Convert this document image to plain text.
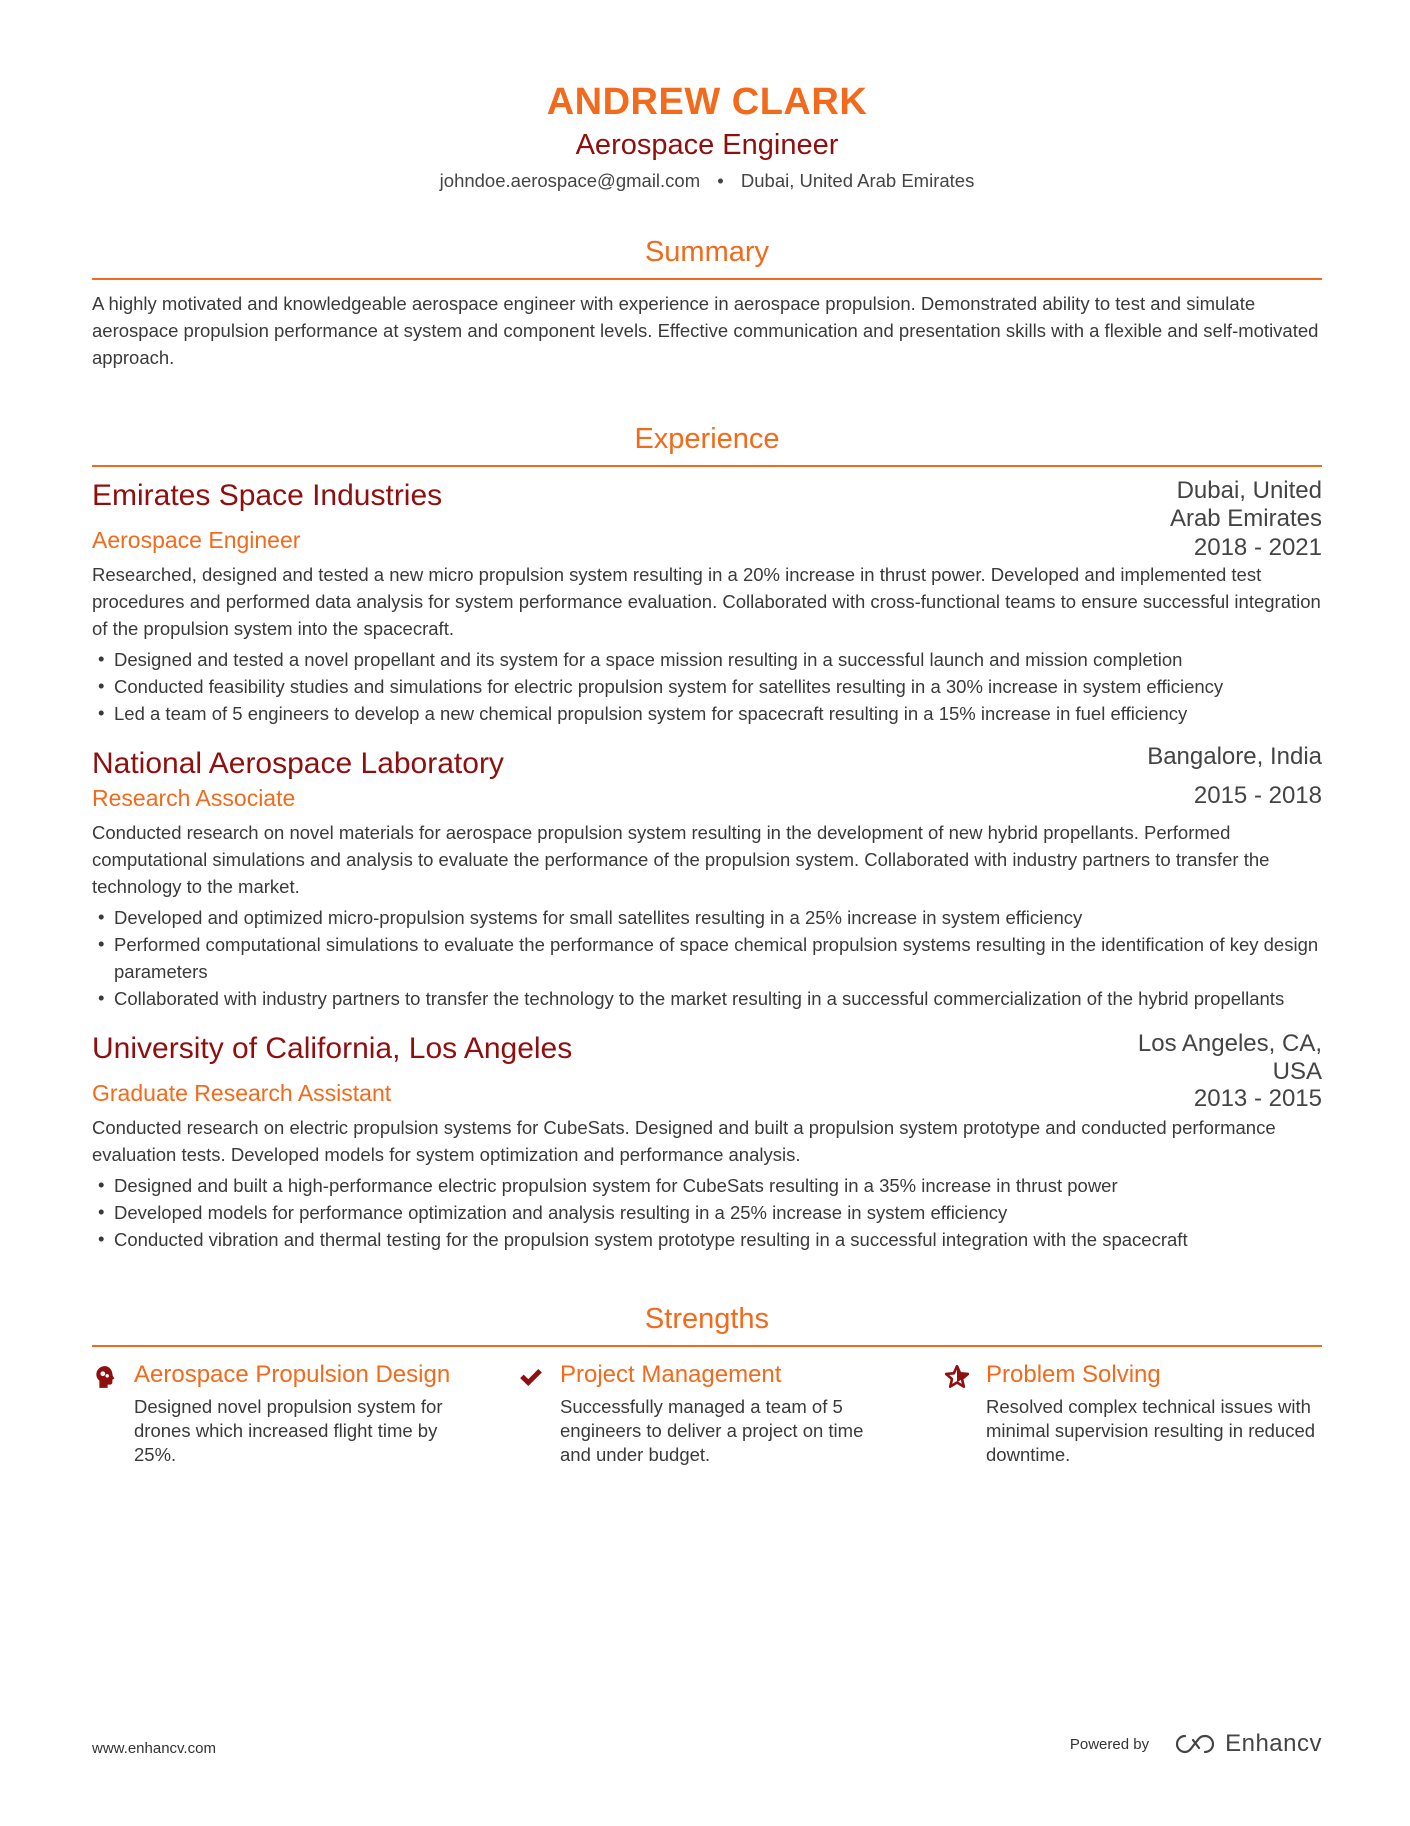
ANDREW CLARK
Aerospace Engineer
johndoe.aerospace@gmail.com • Dubai, United Arab Emirates
Summary
A highly motivated and knowledgeable aerospace engineer with experience in aerospace propulsion. Demonstrated ability to test and simulate aerospace propulsion performance at system and component levels. Effective communication and presentation skills with a flexible and self-motivated approach.
Experience
Emirates Space Industries	Dubai, United
Arab Emirates
Aerospace Engineer	2018 - 2021
Researched, designed and tested a new micro propulsion system resulting in a 20% increase in thrust power. Developed and implemented test procedures and performed data analysis for system performance evaluation. Collaborated with cross-functional teams to ensure successful integration of the propulsion system into the spacecraft.
• Designed and tested a novel propellant and its system for a space mission resulting in a successful launch and mission completion
• Conducted feasibility studies and simulations for electric propulsion system for satellites resulting in a 30% increase in system efficiency
• Led a team of 5 engineers to develop a new chemical propulsion system for spacecraft resulting in a 15% increase in fuel efficiency
National Aerospace Laboratory	Bangalore, India
Research Associate	2015 - 2018
Conducted research on novel materials for aerospace propulsion system resulting in the development of new hybrid propellants. Performed computational simulations and analysis to evaluate the performance of the propulsion system. Collaborated with industry partners to transfer the technology to the market.
• Developed and optimized micro-propulsion systems for small satellites resulting in a 25% increase in system efficiency
• Performed computational simulations to evaluate the performance of space chemical propulsion systems resulting in the identification of key design parameters
• Collaborated with industry partners to transfer the technology to the market resulting in a successful commercialization of the hybrid propellants
University of California, Los Angeles	Los Angeles, CA,
USA
Graduate Research Assistant	2013 - 2015
Conducted research on electric propulsion systems for CubeSats. Designed and built a propulsion system prototype and conducted performance evaluation tests. Developed models for system optimization and performance analysis.
• Designed and built a high-performance electric propulsion system for CubeSats resulting in a 35% increase in thrust power
• Developed models for performance optimization and analysis resulting in a 25% increase in system efficiency
• Conducted vibration and thermal testing for the propulsion system prototype resulting in a successful integration with the spacecraft
Strengths
Aerospace Propulsion Design
Designed novel propulsion system for drones which increased flight time by 25%.
Project Management
Successfully managed a team of 5 engineers to deliver a project on time and under budget.
Problem Solving
Resolved complex technical issues with minimal supervision resulting in reduced downtime.
www.enhancv.com	Powered by	Enhancv
